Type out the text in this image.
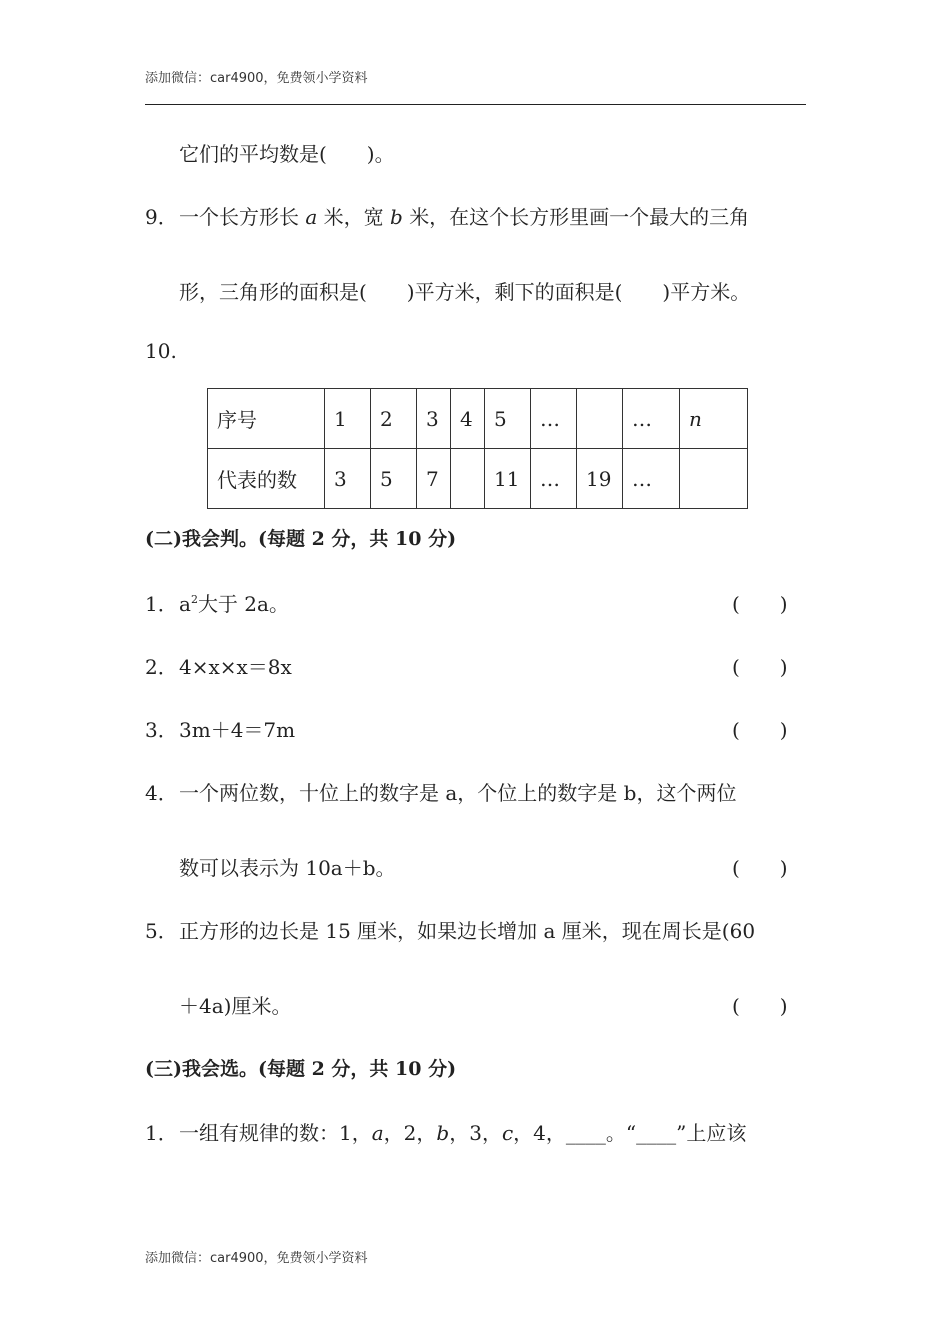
添加微信：car4900，免费领小学资料
它们的平均数是(　　)。
9． 一个长方形长 a 米，宽 b 米，在这个长方形里画一个最大的三角
形，三角形的面积是(　　)平方米，剩下的面积是(　　)平方米。
10.
序号	1	2	3	4	5	…		…	n
代表的数	3	5	7		11	…	19	…	
(二)我会判。(每题 2 分，共 10 分)
1． $a^2$大于 2a。	(　　)
2． 4×x×x＝8x	(　　)
3． 3m＋4＝7m	(　　)
4． 一个两位数，十位上的数字是 a，个位上的数字是 b，这个两位
数可以表示为 10a＋b。	(　　)
5． 正方形的边长是 15 厘米，如果边长增加 a 厘米，现在周长是(60
＋4a)厘米。	(　　)
(三)我会选。(每题 2 分，共 10 分)
1． 一组有规律的数：1，a，2，b，3，c，4，____。“____”上应该
添加微信：car4900，免费领小学资料
